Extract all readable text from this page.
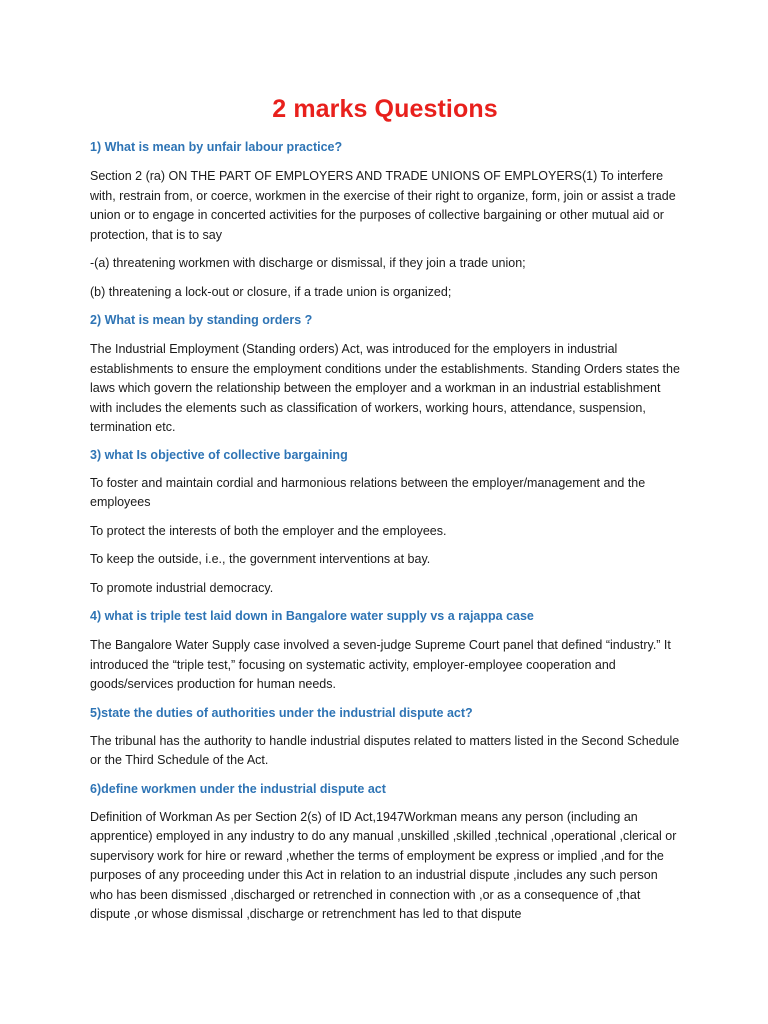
2 marks Questions
1) What is mean by unfair labour practice?

Section 2 (ra) ON THE PART OF EMPLOYERS AND TRADE UNIONS OF EMPLOYERS(1) To interfere with, restrain from, or coerce, workmen in the exercise of their right to organize, form, join or assist a trade union or to engage in concerted activities for the purposes of collective bargaining or other mutual aid or protection, that is to say

-(a) threatening workmen with discharge or dismissal, if they join a trade union;

(b) threatening a lock-out or closure, if a trade union is organized;

2) What is mean by standing orders ?

The Industrial Employment (Standing orders) Act, was introduced for the employers in industrial establishments to ensure the employment conditions under the establishments. Standing Orders states the laws which govern the relationship between the employer and a workman in an industrial establishment with includes the elements such as classification of workers, working hours, attendance, suspension, termination etc.

3) what Is objective of collective bargaining

To foster and maintain cordial and harmonious relations between the employer/management and the employees

To protect the interests of both the employer and the employees.

To keep the outside, i.e., the government interventions at bay.

To promote industrial democracy.

4) what is triple test laid down in Bangalore water supply vs a rajappa case

The Bangalore Water Supply case involved a seven-judge Supreme Court panel that defined “industry.” It introduced the “triple test,” focusing on systematic activity, employer-employee cooperation and goods/services production for human needs.

5)state the duties of authorities under the industrial dispute act?

The tribunal has the authority to handle industrial disputes related to matters listed in the Second Schedule or the Third Schedule of the Act.

6)define workmen under the industrial dispute act

Definition of Workman As per Section 2(s) of ID Act,1947Workman means any person (including an apprentice) employed in any industry to do any manual ,unskilled ,skilled ,technical ,operational ,clerical or supervisory work for hire or reward ,whether the terms of employment be express or implied ,and for the purposes of any proceeding under this Act in relation to an industrial dispute ,includes any such person who has been dismissed ,discharged or retrenched in connection with ,or as a consequence of ,that dispute ,or whose dismissal ,discharge or retrenchment has led to that dispute
